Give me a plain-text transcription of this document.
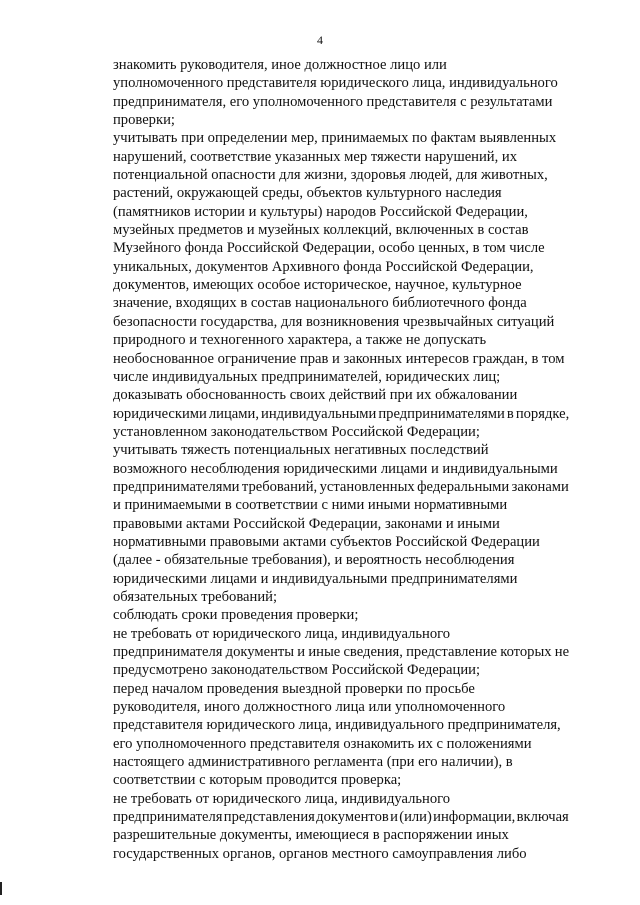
4
знакомить руководителя, иное должностное лицо или
уполномоченного представителя юридического лица, индивидуального
предпринимателя, его уполномоченного представителя с результатами
проверки;
учитывать при определении мер, принимаемых по фактам выявленных
нарушений, соответствие указанных мер тяжести нарушений, их
потенциальной опасности для жизни, здоровья людей, для животных,
растений, окружающей среды, объектов культурного наследия
(памятников истории и культуры) народов Российской Федерации,
музейных предметов и музейных коллекций, включенных в состав
Музейного фонда Российской Федерации, особо ценных, в том числе
уникальных, документов Архивного фонда Российской Федерации,
документов, имеющих особое историческое, научное, культурное
значение, входящих в состав национального библиотечного фонда
безопасности государства, для возникновения чрезвычайных ситуаций
природного и техногенного характера, а также не допускать
необоснованное ограничение прав и законных интересов граждан, в том
числе индивидуальных предпринимателей, юридических лиц;
доказывать обоснованность своих действий при их обжаловании
юридическими лицами, индивидуальными предпринимателями в порядке,
установленном законодательством Российской Федерации;
учитывать тяжесть потенциальных негативных последствий
возможного несоблюдения юридическими лицами и индивидуальными
предпринимателями требований, установленных федеральными законами
и принимаемыми в соответствии с ними иными нормативными
правовыми актами Российской Федерации, законами и иными
нормативными правовыми актами субъектов Российской Федерации
(далее - обязательные требования), и вероятность несоблюдения
юридическими лицами и индивидуальными предпринимателями
обязательных требований;
соблюдать сроки проведения проверки;
не требовать от юридического лица, индивидуального
предпринимателя документы и иные сведения, представление которых не
предусмотрено законодательством Российской Федерации;
перед началом проведения выездной проверки по просьбе
руководителя, иного должностного лица или уполномоченного
представителя юридического лица, индивидуального предпринимателя,
его уполномоченного представителя ознакомить их с положениями
настоящего административного регламента (при его наличии), в
соответствии с которым проводится проверка;
не требовать от юридического лица, индивидуального
предпринимателя представления документов и (или) информации, включая
разрешительные документы, имеющиеся в распоряжении иных
государственных органов, органов местного самоуправления либо
